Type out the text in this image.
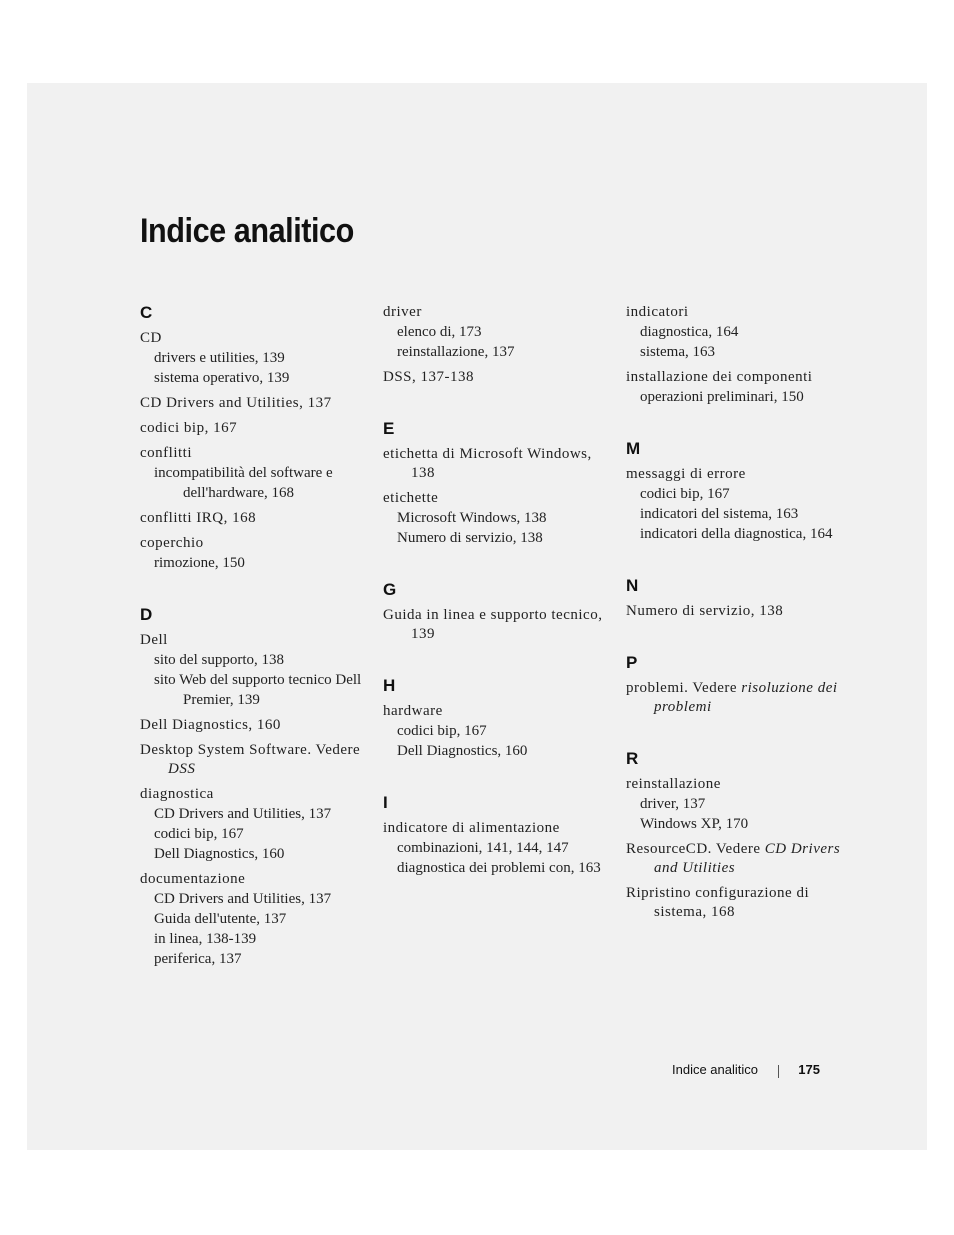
Indice analitico
C
CD
drivers e utilities, 139
sistema operativo, 139
CD Drivers and Utilities, 137
codici bip, 167
conflitti
incompatibilità del software e dell'hardware, 168
conflitti IRQ, 168
coperchio
rimozione, 150
D
Dell
sito del supporto, 138
sito Web del supporto tecnico Dell Premier, 139
Dell Diagnostics, 160
Desktop System Software. Vedere DSS
diagnostica
CD Drivers and Utilities, 137
codici bip, 167
Dell Diagnostics, 160
documentazione
CD Drivers and Utilities, 137
Guida dell'utente, 137
in linea, 138-139
periferica, 137
driver
elenco di, 173
reinstallazione, 137
DSS, 137-138
E
etichetta di Microsoft Windows, 138
etichette
Microsoft Windows, 138
Numero di servizio, 138
G
Guida in linea e supporto tecnico, 139
H
hardware
codici bip, 167
Dell Diagnostics, 160
I
indicatore di alimentazione
combinazioni, 141, 144, 147
diagnostica dei problemi con, 163
indicatori
diagnostica, 164
sistema, 163
installazione dei componenti
operazioni preliminari, 150
M
messaggi di errore
codici bip, 167
indicatori del sistema, 163
indicatori della diagnostica, 164
N
Numero di servizio, 138
P
problemi. Vedere risoluzione dei problemi
R
reinstallazione
driver, 137
Windows XP, 170
ResourceCD. Vedere CD Drivers and Utilities
Ripristino configurazione di sistema, 168
Indice analitico	175
